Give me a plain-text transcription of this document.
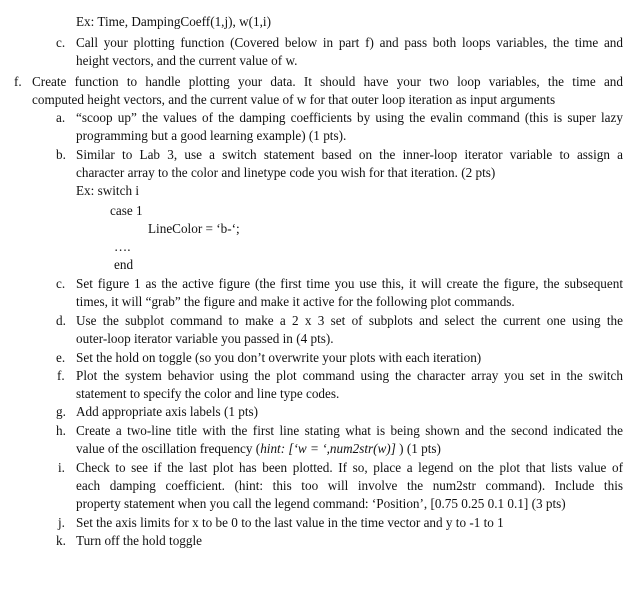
Ex: Time, DampingCoeff(1,j), w(1,i)
c. Call your plotting function (Covered below in part f) and pass both loops variables, the time and
height vectors, and the current value of w.
f. Create function to handle plotting your data. It should have your two loop variables, the time and
computed height vectors, and the current value of w for that outer loop iteration as input arguments
a. “scoop up” the values of the damping coefficients by using the evalin command (this is super lazy
programming but a good learning example) (1 pts).
b. Similar to Lab 3, use a switch statement based on the inner-loop iterator variable to assign a
character array to the color and linetype code you wish for that iteration. (2 pts)
Ex: switch i
case 1
LineColor = ‘b-‘;
….
end
c. Set figure 1 as the active figure (the first time you use this, it will create the figure, the subsequent
times, it will “grab” the figure and make it active for the following plot commands.
d. Use the subplot command to make a 2 x 3 set of subplots and select the current one using the
outer-loop iterator variable you passed in (4 pts).
e. Set the hold on toggle (so you don’t overwrite your plots with each iteration)
f. Plot the system behavior using the plot command using the character array you set in the switch
statement to specify the color and line type codes.
g. Add appropriate axis labels (1 pts)
h. Create a two-line title with the first line stating what is being shown and the second indicated the
value of the oscillation frequency (hint: [‘w = ‘,num2str(w)] ) (1 pts)
i. Check to see if the last plot has been plotted. If so, place a legend on the plot that lists value of
each damping coefficient. (hint: this too will involve the num2str command). Include this
property statement when you call the legend command: ‘Position’, [0.75 0.25 0.1 0.1] (3 pts)
j. Set the axis limits for x to be 0 to the last value in the time vector and y to -1 to 1
k. Turn off the hold toggle
